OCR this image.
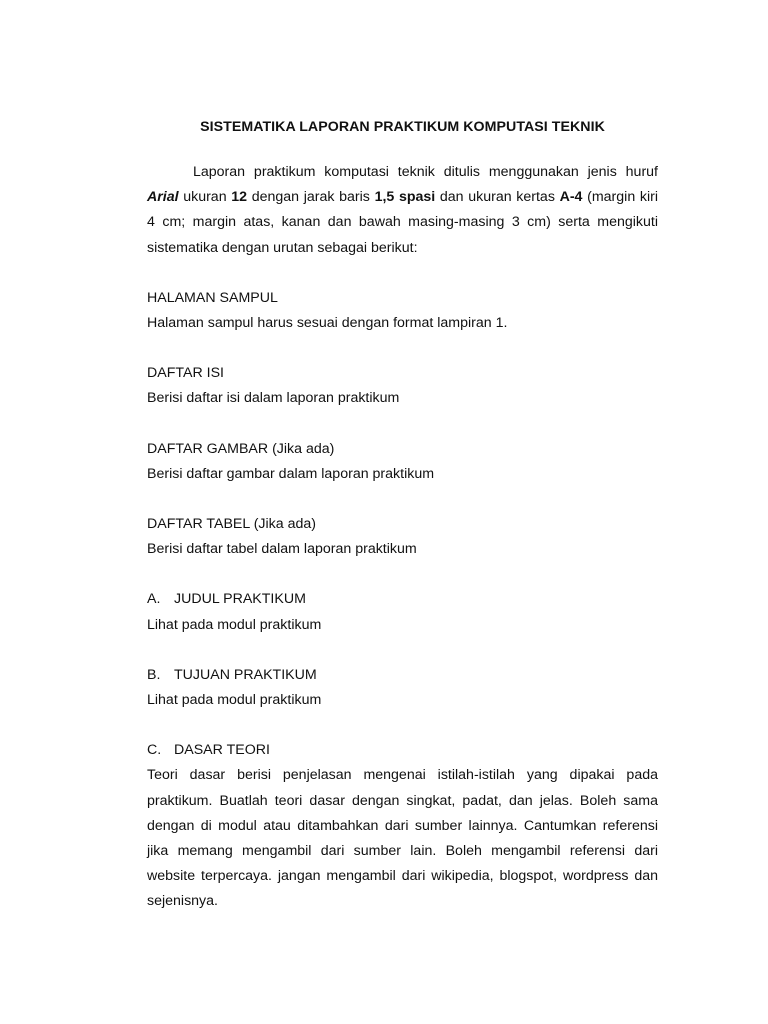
SISTEMATIKA LAPORAN PRAKTIKUM KOMPUTASI TEKNIK

Laporan praktikum komputasi teknik ditulis menggunakan jenis huruf Arial ukuran 12 dengan jarak baris 1,5 spasi dan ukuran kertas A-4 (margin kiri 4 cm; margin atas, kanan dan bawah masing-masing 3 cm) serta mengikuti sistematika dengan urutan sebagai berikut:

HALAMAN SAMPUL

Halaman sampul harus sesuai dengan format lampiran 1.

DAFTAR ISI

Berisi daftar isi dalam laporan praktikum

DAFTAR GAMBAR (Jika ada)

Berisi daftar gambar dalam laporan praktikum

DAFTAR TABEL (Jika ada)

Berisi daftar tabel dalam laporan praktikum

A. JUDUL PRAKTIKUM

Lihat pada modul praktikum

B. TUJUAN PRAKTIKUM

Lihat pada modul praktikum

C. DASAR TEORI

Teori dasar berisi penjelasan mengenai istilah-istilah yang dipakai pada praktikum. Buatlah teori dasar dengan singkat, padat, dan jelas. Boleh sama dengan di modul atau ditambahkan dari sumber lainnya. Cantumkan referensi jika memang mengambil dari sumber lain. Boleh mengambil referensi dari website terpercaya. jangan mengambil dari wikipedia, blogspot, wordpress dan sejenisnya.
